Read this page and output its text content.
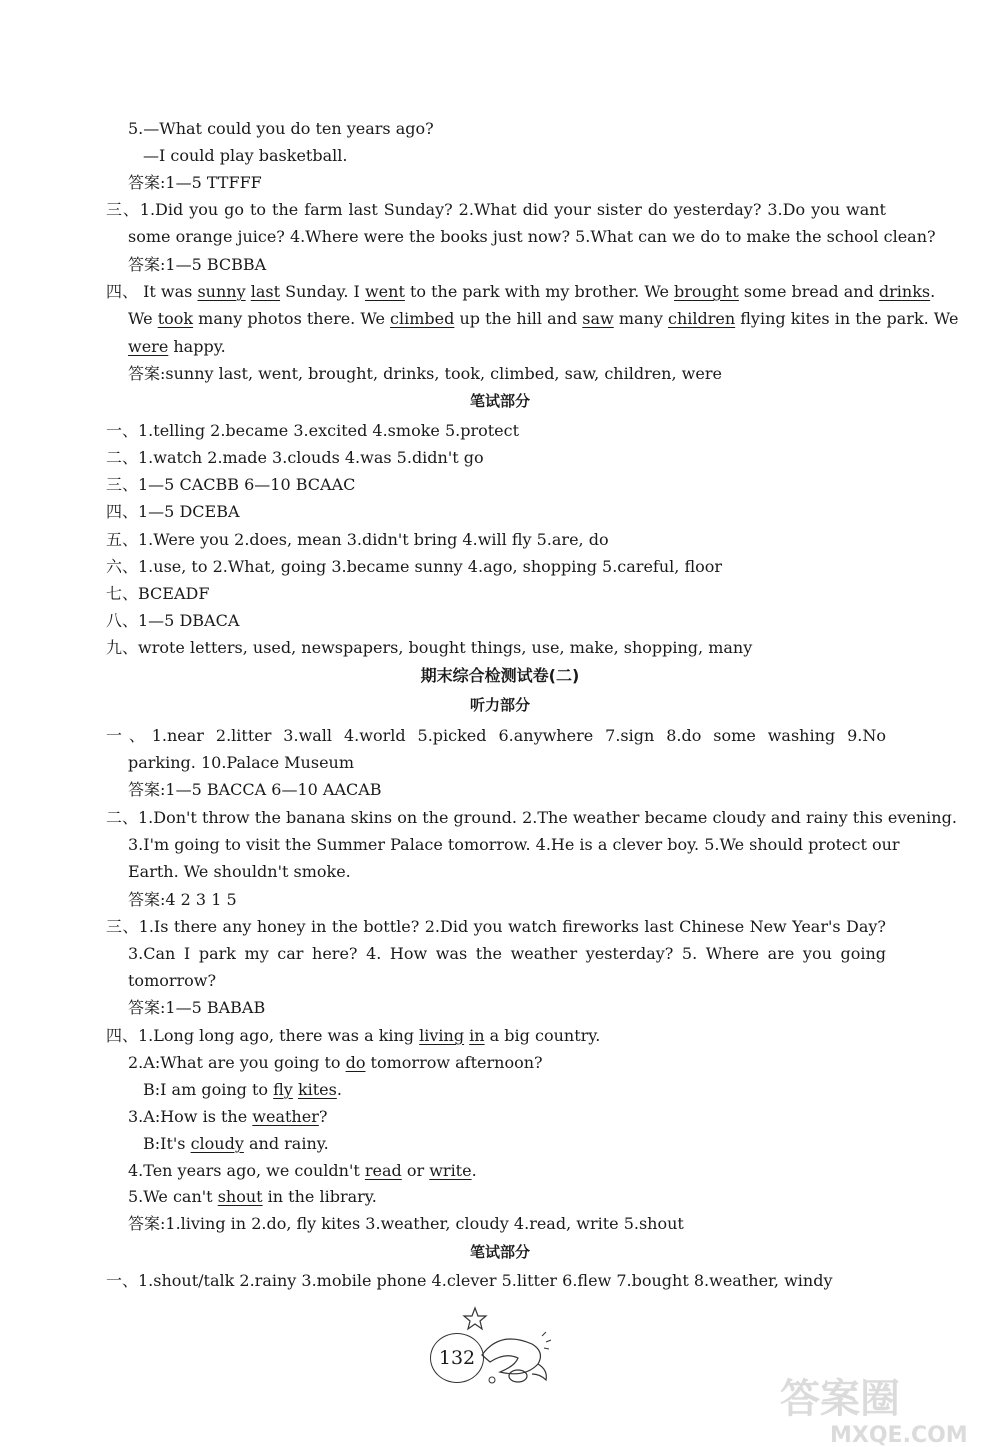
5.—What could you do ten years ago?
—I could play basketball.
答案:1—5 TTFFF
三、1.Did you go to the farm last Sunday? 2.What did your sister do yesterday? 3.Do you want
some orange juice? 4.Where were the books just now? 5.What can we do to make the school clean?
答案:1—5 BCBBA
四、 It was sunny last Sunday. I went to the park with my brother. We brought some bread and drinks.
We took many photos there. We climbed up the hill and saw many children flying kites in the park. We
were happy.
答案:sunny last, went, brought, drinks, took, climbed, saw, children, were
笔试部分
一、1.telling 2.became 3.excited 4.smoke 5.protect
二、1.watch 2.made 3.clouds 4.was 5.didn't go
三、1—5 CACBB 6—10 BCAAC
四、1—5 DCEBA
五、1.Were you 2.does, mean 3.didn't bring 4.will fly 5.are, do
六、1.use, to 2.What, going 3.became sunny 4.ago, shopping 5.careful, floor
七、BCEADF
八、1—5 DBACA
九、wrote letters, used, newspapers, bought things, use, make, shopping, many
期末综合检测试卷(二)
听力部分
一、1.near 2.litter 3.wall 4.world 5.picked 6.anywhere 7.sign 8.do some washing 9.No
parking. 10.Palace Museum
答案:1—5 BACCA 6—10 AACAB
二、1.Don't throw the banana skins on the ground. 2.The weather became cloudy and rainy this evening.
3.I'm going to visit the Summer Palace tomorrow. 4.He is a clever boy. 5.We should protect our
Earth. We shouldn't smoke.
答案:4 2 3 1 5
三、1.Is there any honey in the bottle? 2.Did you watch fireworks last Chinese New Year's Day?
3.Can I park my car here? 4. How was the weather yesterday? 5. Where are you going
tomorrow?
答案:1—5 BABAB
四、1.Long long ago, there was a king living in a big country.
2.A:What are you going to do tomorrow afternoon?
B:I am going to fly kites.
3.A:How is the weather?
B:It's cloudy and rainy.
4.Ten years ago, we couldn't read or write.
5.We can't shout in the library.
答案:1.living in 2.do, fly kites 3.weather, cloudy 4.read, write 5.shout
笔试部分
一、1.shout/talk 2.rainy 3.mobile phone 4.clever 5.litter 6.flew 7.bought 8.weather, windy
132
答案圈
MXQE.COM
